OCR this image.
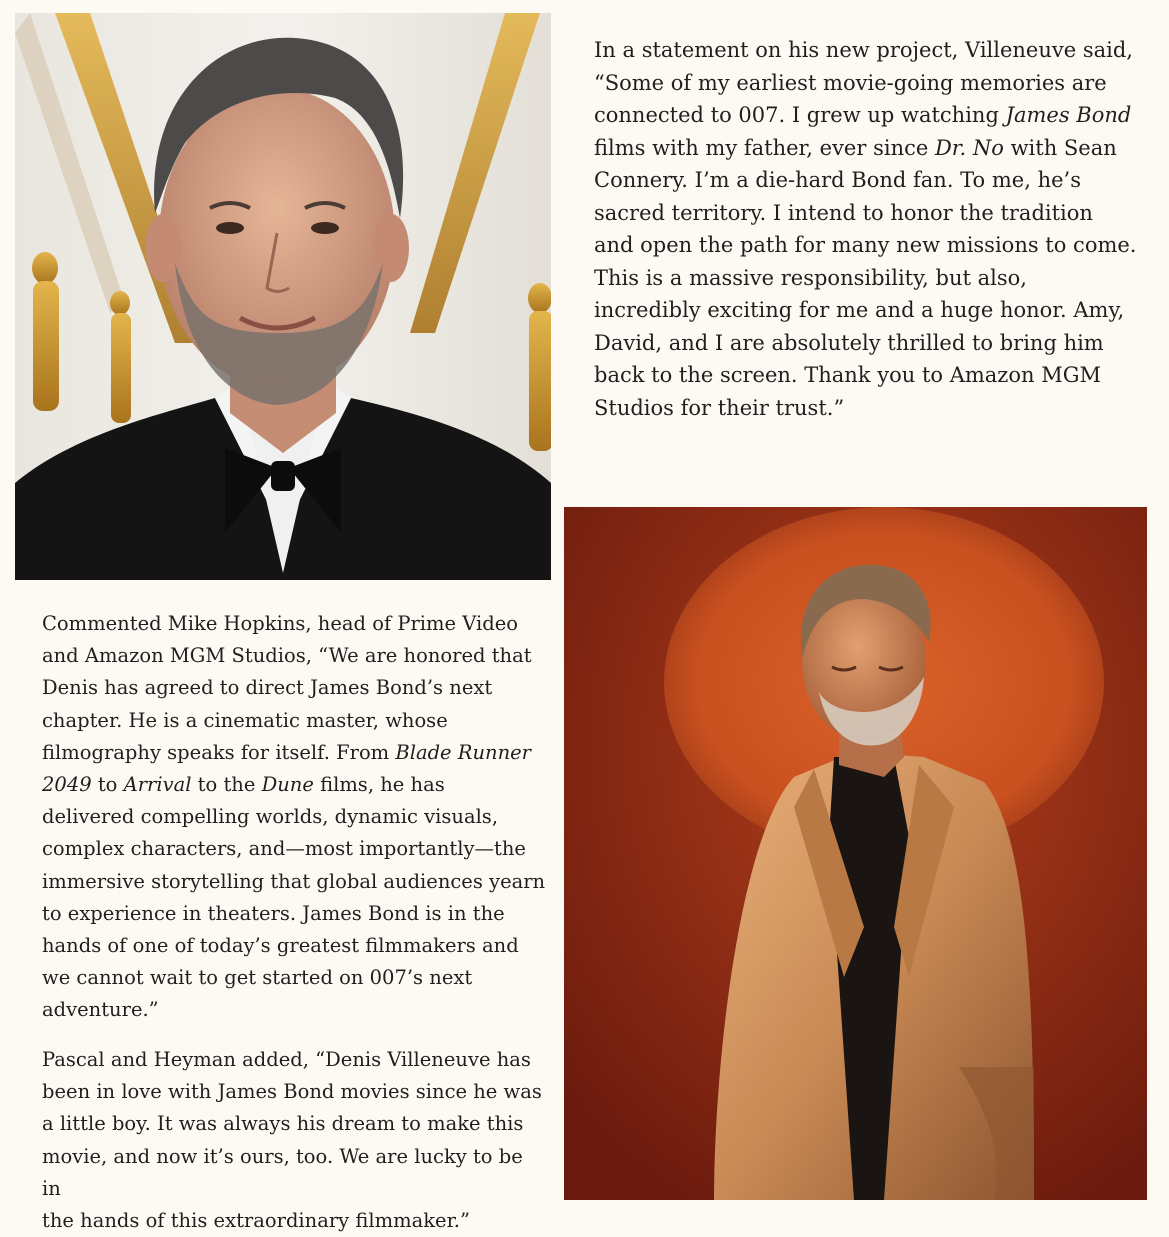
In a statement on his new project, Villeneuve said,
“Some of my earliest movie-going memories are
connected to 007. I grew up watching James Bond
films with my father, ever since Dr. No with Sean
Connery. I’m a die-hard Bond fan. To me, he’s
sacred territory. I intend to honor the tradition
and open the path for many new missions to come.
This is a massive responsibility, but also,
incredibly exciting for me and a huge honor. Amy,
David, and I are absolutely thrilled to bring him
back to the screen. Thank you to Amazon MGM
Studios for their trust.”

Commented Mike Hopkins, head of Prime Video
and Amazon MGM Studios, “We are honored that
Denis has agreed to direct James Bond’s next
chapter. He is a cinematic master, whose
filmography speaks for itself. From Blade Runner
2049 to Arrival to the Dune films, he has
delivered compelling worlds, dynamic visuals,
complex characters, and—most importantly—the
immersive storytelling that global audiences yearn
to experience in theaters. James Bond is in the
hands of one of today’s greatest filmmakers and
we cannot wait to get started on 007’s next
adventure.”

Pascal and Heyman added, “Denis Villeneuve has
been in love with James Bond movies since he was
a little boy. It was always his dream to make this
movie, and now it’s ours, too. We are lucky to be in
the hands of this extraordinary filmmaker.”
